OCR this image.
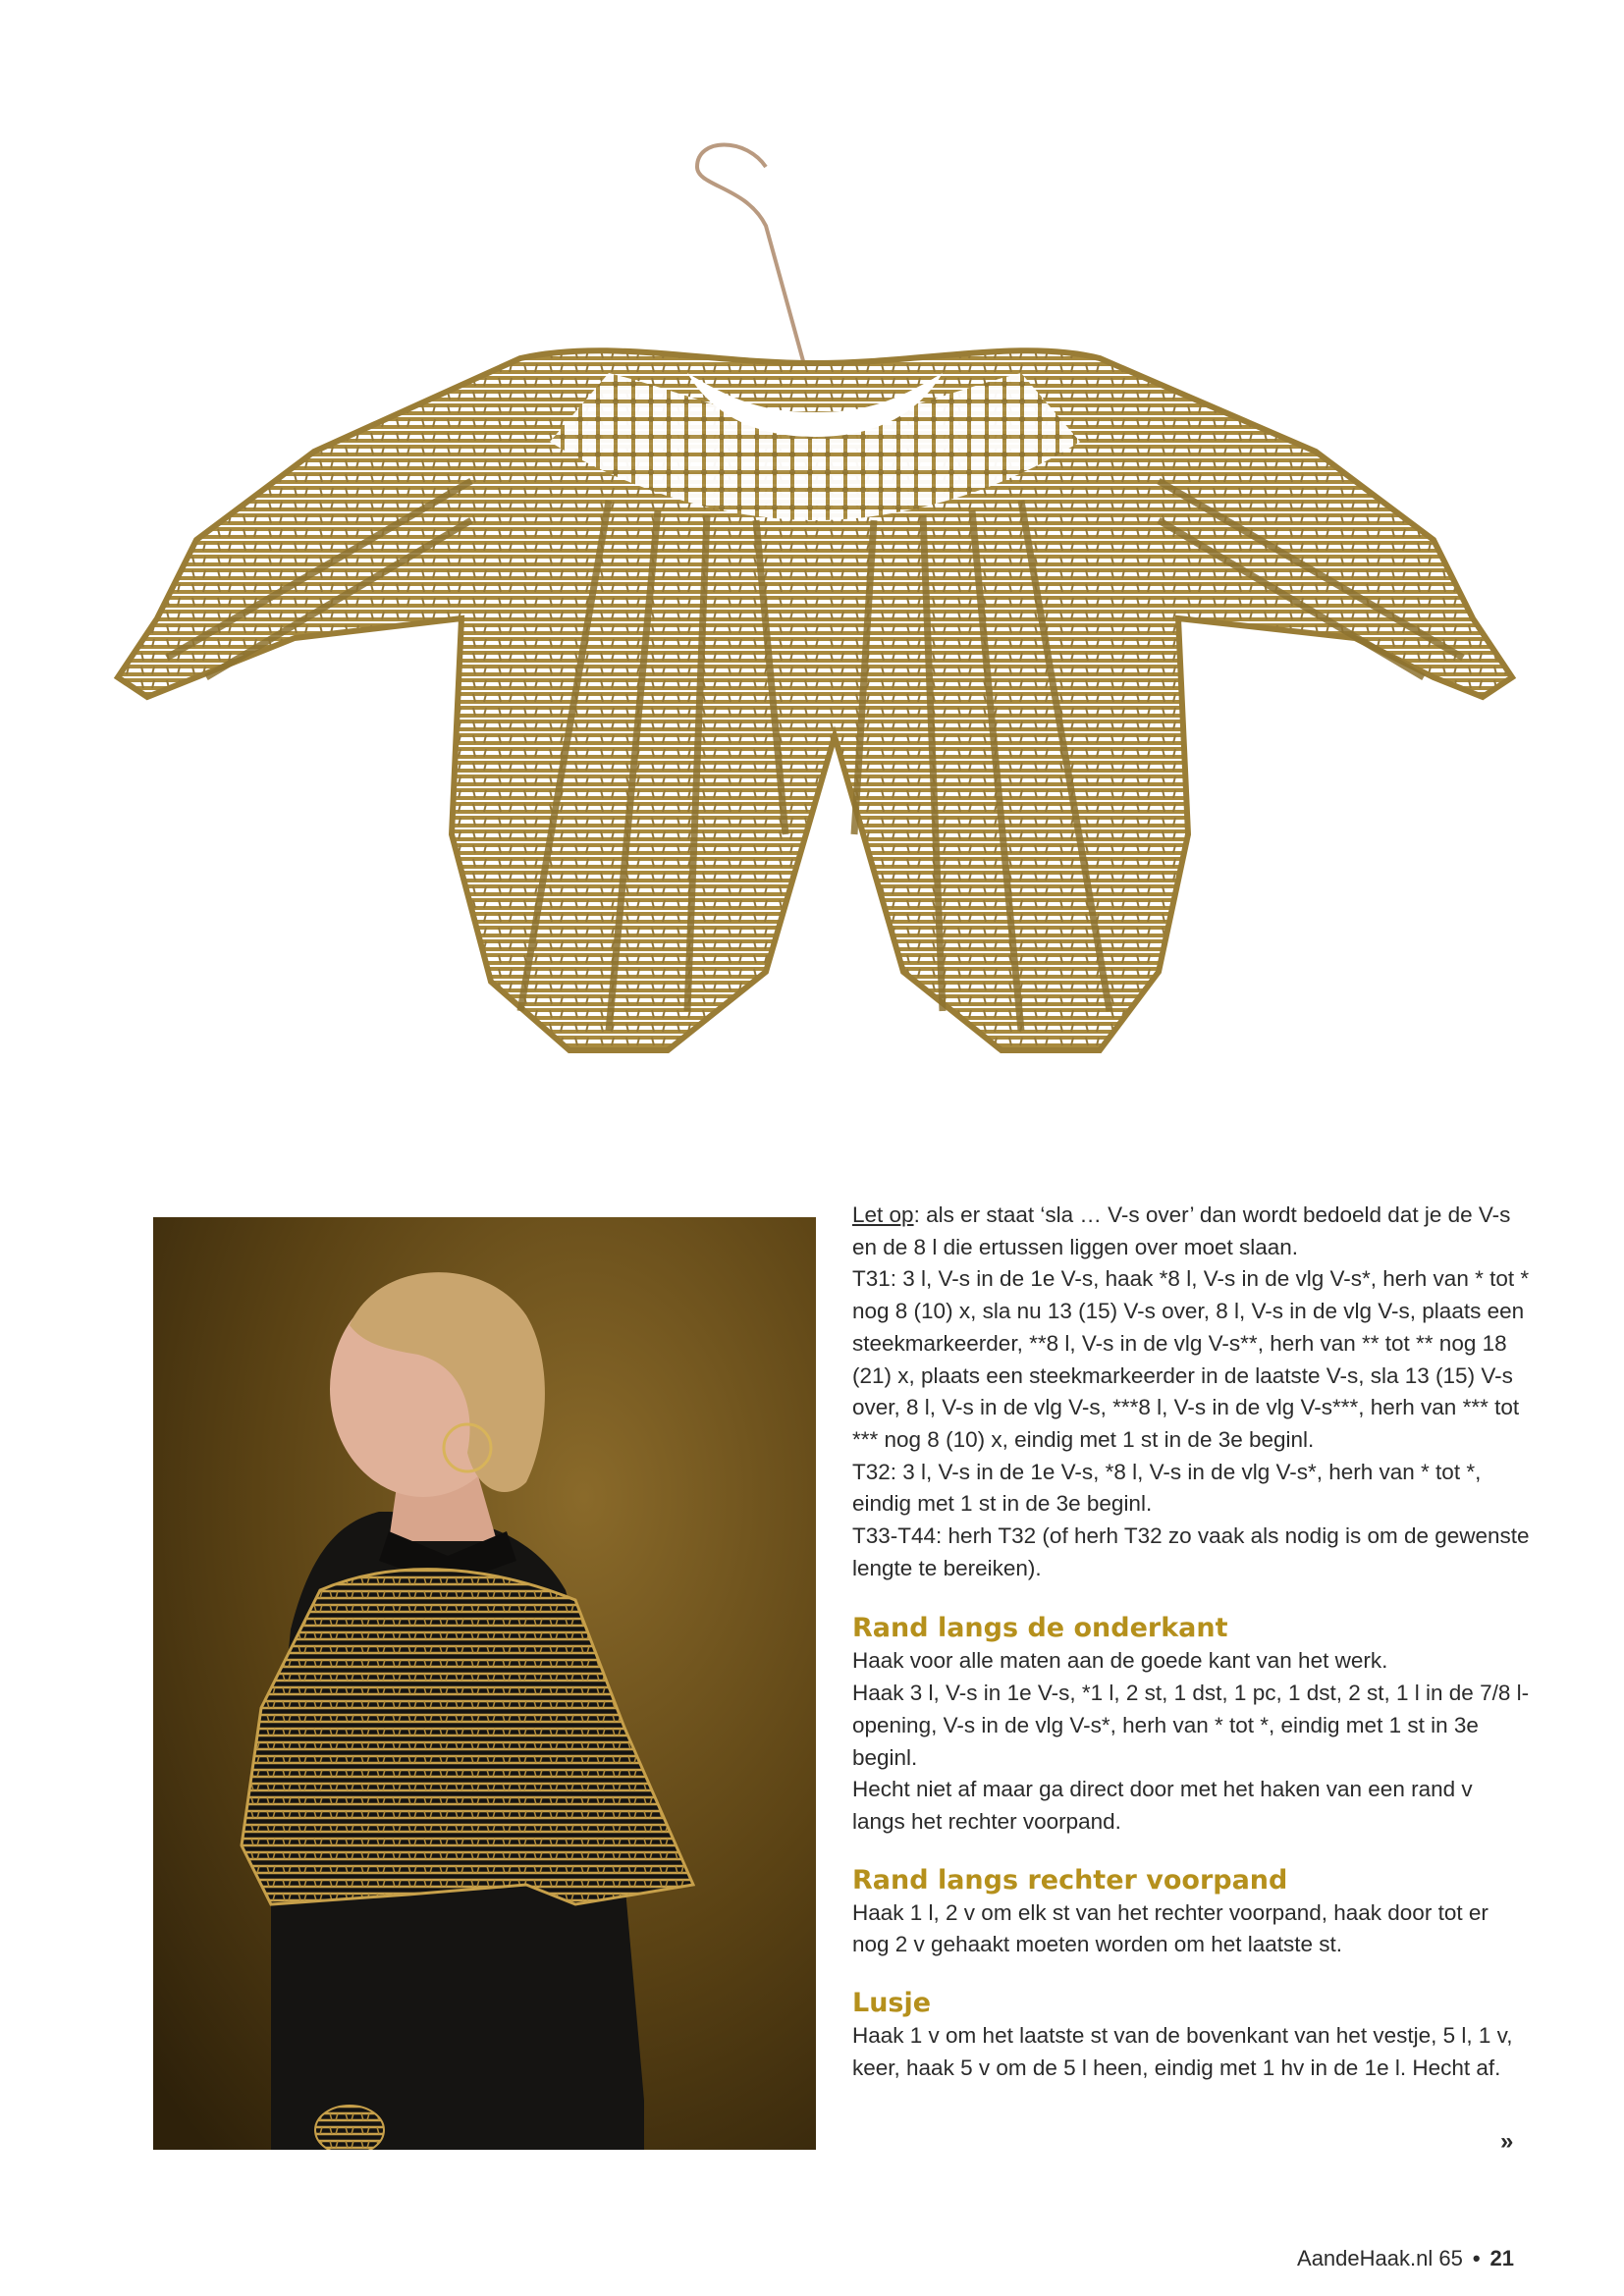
Let op: als er staat ‘sla … V-s over’ dan wordt bedoeld dat je de V-s en de 8 l die ertussen liggen over moet slaan.

T31: 3 l, V-s in de 1e V-s, haak *8 l, V-s in de vlg V-s*, herh van * tot * nog 8 (10) x, sla nu 13 (15) V-s over, 8 l, V-s in de vlg V-s, plaats een steekmarkeerder, **8 l, V-s in de vlg V-s**, herh van ** tot ** nog 18 (21) x, plaats een steekmarkeerder in de laatste V-s, sla 13 (15) V-s over, 8 l, V-s in de vlg V-s, ***8 l, V-s in de vlg V-s***, herh van *** tot *** nog 8 (10) x, eindig met 1 st in de 3e beginl.

T32: 3 l, V-s in de 1e V-s, *8 l, V-s in de vlg V-s*, herh van * tot *, eindig met 1 st in de 3e beginl.

T33-T44: herh T32 (of herh T32 zo vaak als nodig is om de gewenste lengte te bereiken).

Rand langs de onderkant

Haak voor alle maten aan de goede kant van het werk.

Haak 3 l, V-s in 1e V-s, *1 l, 2 st, 1 dst, 1 pc, 1 dst, 2 st, 1 l in de 7/8 l-opening, V-s in de vlg V-s*, herh van * tot *, eindig met 1 st in 3e beginl.

Hecht niet af maar ga direct door met het haken van een rand v langs het rechter voorpand.

Rand langs rechter voorpand

Haak 1 l, 2 v om elk st van het rechter voorpand, haak door tot er nog 2 v gehaakt moeten worden om het laatste st.

Lusje

Haak 1 v om het laatste st van de bovenkant van het vestje, 5 l, 1 v, keer, haak 5 v om de 5 l heen, eindig met 1 hv in de 1e l. Hecht af.

»
AandeHaak.nl 65 • 21
